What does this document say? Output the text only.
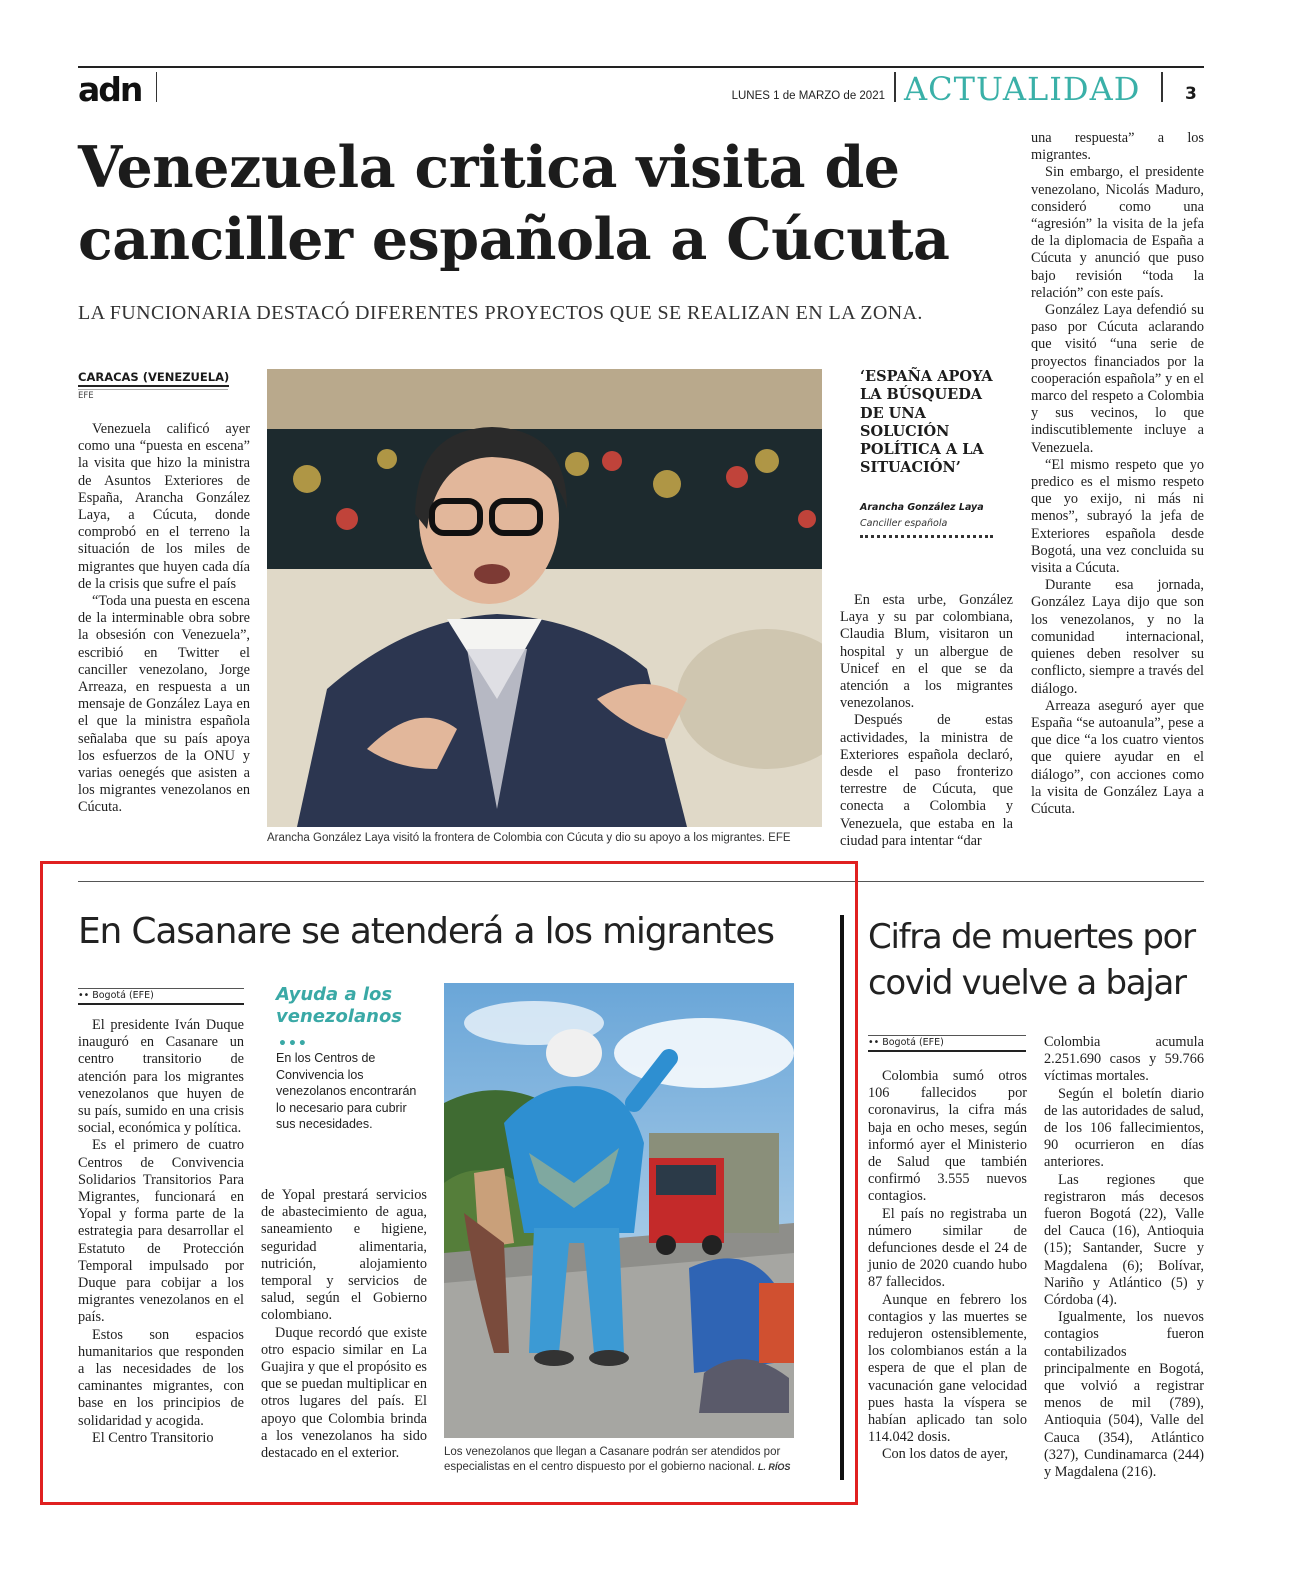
adn	LUNES 1 de MARZO de 2021 ACTUALIDAD	3
Venezuela critica visita de canciller española a Cúcuta
LA FUNCIONARIA DESTACÓ DIFERENTES PROYECTOS QUE SE REALIZAN EN LA ZONA.
CARACAS (VENEZUELA)
EFE

Venezuela calificó ayer como una “puesta en escena” la visita que hizo la ministra de Asuntos Exteriores de España, Arancha González Laya, a Cúcuta, donde comprobó en el terreno la situación de los miles de migrantes que huyen cada día de la crisis que sufre el país

“Toda una puesta en escena de la interminable obra sobre la obsesión con Venezuela”, escribió en Twitter el canciller venezolano, Jorge Arreaza, en respuesta a un mensaje de González Laya en el que la ministra española señalaba que su país apoya los esfuerzos de la ONU y varias oenegés que asisten a los migrantes venezolanos en Cúcuta.

Arancha González Laya visitó la frontera de Colombia con Cúcuta y dio su apoyo a los migrantes. EFE
‘ESPAÑA APOYA LA BÚSQUEDA DE UNA SOLUCIÓN POLÍTICA A LA SITUACIÓN’
Arancha González Laya
Canciller española

En esta urbe, González Laya y su par colombiana, Claudia Blum, visitaron un hospital y un albergue de Unicef en el que se da atención a los migrantes venezolanos.

Después de estas actividades, la ministra de Exteriores española declaró, desde el paso fronterizo terrestre de Cúcuta, que conecta a Colombia y Venezuela, que estaba en la ciudad para intentar “dar

una respuesta” a los migrantes.

Sin embargo, el presidente venezolano, Nicolás Maduro, consideró como una “agresión” la visita de la jefa de la diplomacia de España a Cúcuta y anunció que puso bajo revisión “toda la relación” con este país.

González Laya defendió su paso por Cúcuta aclarando que visitó “una serie de proyectos financiados por la cooperación española” y en el marco del respeto a Colombia y sus vecinos, lo que indiscutiblemente incluye a Venezuela.

“El mismo respeto que yo predico es el mismo respeto que yo exijo, ni más ni menos”, subrayó la jefa de Exteriores española desde Bogotá, una vez concluida su visita a Cúcuta.

Durante esa jornada, González Laya dijo que son los venezolanos, y no la comunidad internacional, quienes deben resolver su conflicto, siempre a través del diálogo.

Arreaza aseguró ayer que España “se autoanula”, pese a que dice “a los cuatro vientos que quiere ayudar en el diálogo”, con acciones como la visita de González Laya a Cúcuta.

En Casanare se atenderá a los migrantes
•• Bogotá (EFE)

El presidente Iván Duque inauguró en Casanare un centro transitorio de atención para los migrantes venezolanos que huyen de su país, sumido en una crisis social, económica y política.

Es el primero de cuatro Centros de Convivencia Solidarios Transitorios Para Migrantes, funcionará en Yopal y forma parte de la estrategia para desarrollar el Estatuto de Protección Temporal impulsado por Duque para cobijar a los migrantes venezolanos en el país.

Estos son espacios humanitarios que responden a las necesidades de los caminantes migrantes, con base en los principios de solidaridad y acogida.

El Centro Transitorio

Ayuda a los venezolanos
•••
En los Centros de Convivencia los venezolanos encontrarán lo necesario para cubrir sus necesidades.

de Yopal prestará servicios de abastecimiento de agua, saneamiento e higiene, seguridad alimentaria, nutrición, alojamiento temporal y servicios de salud, según el Gobierno colombiano.

Duque recordó que existe otro espacio similar en La Guajira y que el propósito es que se puedan multiplicar en otros lugares del país. El apoyo que Colombia brinda a los venezolanos ha sido destacado en el exterior.	Los venezolanos que llegan a Casanare podrán ser atendidos por especialistas en el centro dispuesto por el gobierno nacional. L. RÍOS
Cifra de muertes por covid vuelve a bajar
•• Bogotá (EFE)

Colombia sumó otros 106 fallecidos por coronavirus, la cifra más baja en ocho meses, según informó ayer el Ministerio de Salud que también confirmó 3.555 nuevos contagios.

El país no registraba un número similar de defunciones desde el 24 de junio de 2020 cuando hubo 87 fallecidos.

Aunque en febrero los contagios y las muertes se redujeron ostensiblemente, los colombianos están a la espera de que el plan de vacunación gane velocidad pues hasta la víspera se habían aplicado tan solo 114.042 dosis.

Con los datos de ayer,

Colombia acumula 2.251.690 casos y 59.766 víctimas mortales.

Según el boletín diario de las autoridades de salud, de los 106 fallecimientos, 90 ocurrieron en días anteriores.

Las regiones que registraron más decesos fueron Bogotá (22), Valle del Cauca (16), Antioquia (15); Santander, Sucre y Magdalena (6); Bolívar, Nariño y Atlántico (5) y Córdoba (4).

Igualmente, los nuevos contagios fueron contabilizados principalmente en Bogotá, que volvió a registrar menos de mil (789), Antioquia (504), Valle del Cauca (354), Atlántico (327), Cundinamarca (244) y Magdalena (216).
